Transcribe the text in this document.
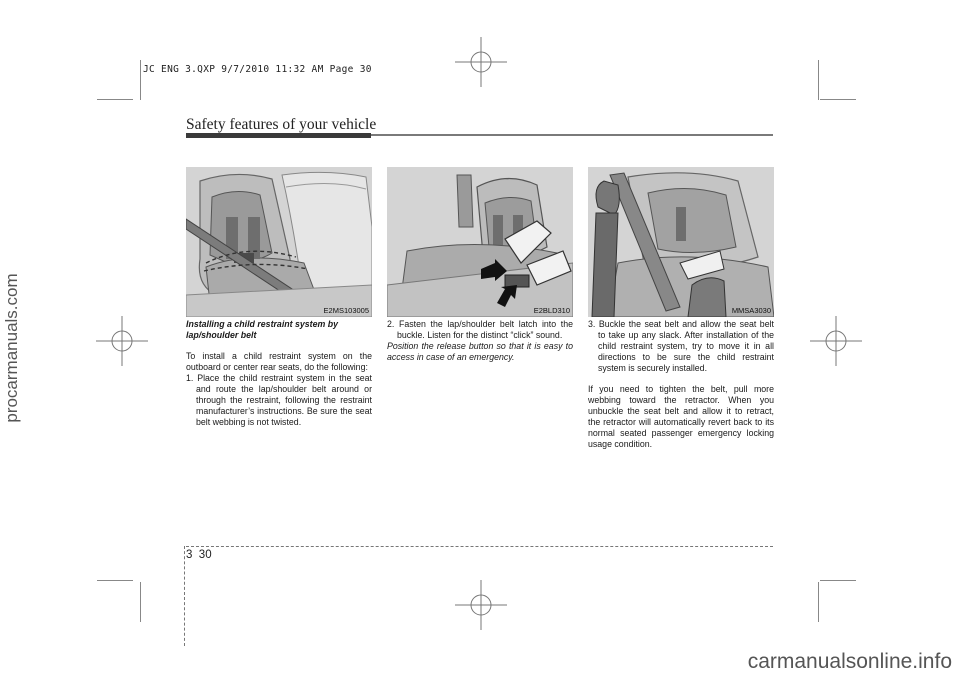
JC ENG 3.QXP 9/7/2010 11:32 AM Page 30
procarmanuals.com
carmanualsonline.info
Safety features of your vehicle
E2MS103005	E2BLD310	MMSA3030

Installing a child restraint system by lap/shoulder belt

To install a child restraint system on the outboard or center rear seats, do the following:

1. Place the child restraint system in the seat and route the lap/shoulder belt around or through the restraint, following the restraint manufacturer’s instructions. Be sure the seat belt webbing is not twisted.

2. Fasten the lap/shoulder belt latch into the buckle. Listen for the distinct “click” sound.

Position the release button so that it is easy to access in case of an emergency.

3. Buckle the seat belt and allow the seat belt to take up any slack. After installation of the child restraint system, try to move it in all directions to be sure the child restraint system is securely installed.

If you need to tighten the belt, pull more webbing toward the retractor. When you unbuckle the seat belt and allow it to retract, the retractor will automatically revert back to its normal seated passenger emergency locking usage condition.

3 30
